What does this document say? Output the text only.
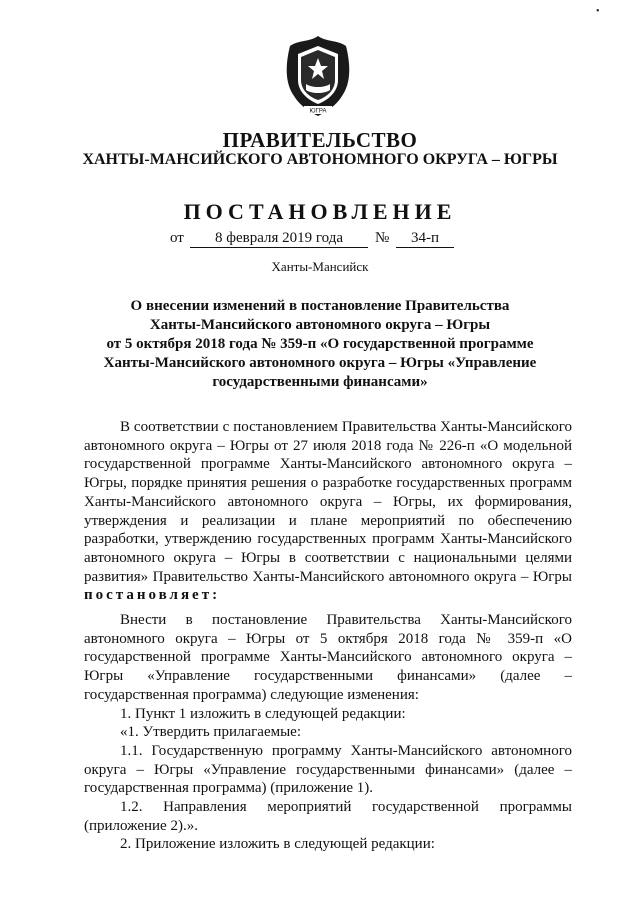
ЮГРА
ПРАВИТЕЛЬСТВО
ХАНТЫ-МАНСИЙСКОГО АВТОНОМНОГО ОКРУГА – ЮГРЫ
ПОСТАНОВЛЕНИЕ
от	8 февраля 2019 года	№	34-п
Ханты-Мансийск
О внесении изменений в постановление Правительства
Ханты-Мансийского автономного округа – Югры
от 5 октября 2018 года № 359-п «О государственной программе
Ханты-Мансийского автономного округа – Югры «Управление
государственными финансами»

В соответствии с постановлением Правительства Ханты-Мансийского автономного округа – Югры от 27 июля 2018 года № 226-п «О модельной государственной программе Ханты-Мансийского автономного округа – Югры, порядке принятия решения о разработке государственных программ Ханты-Мансийского автономного округа – Югры, их формирования, утверждения и реализации и плане мероприятий по обеспечению разработки, утверждению государственных программ Ханты-Мансийского автономного округа – Югры в соответствии с национальными целями развития» Правительство Ханты-Мансийского автономного округа – Югры постановляет:

Внести в постановление Правительства Ханты-Мансийского автономного округа – Югры от 5 октября 2018 года № 359-п «О государственной программе Ханты-Мансийского автономного округа – Югры «Управление государственными финансами» (далее – государственная программа) следующие изменения:

1. Пункт 1 изложить в следующей редакции:

«1. Утвердить прилагаемые:

1.1. Государственную программу Ханты-Мансийского автономного округа – Югры «Управление государственными финансами» (далее – государственная программа) (приложение 1).

1.2. Направления мероприятий государственной программы (приложение 2).».

2. Приложение изложить в следующей редакции:

•
